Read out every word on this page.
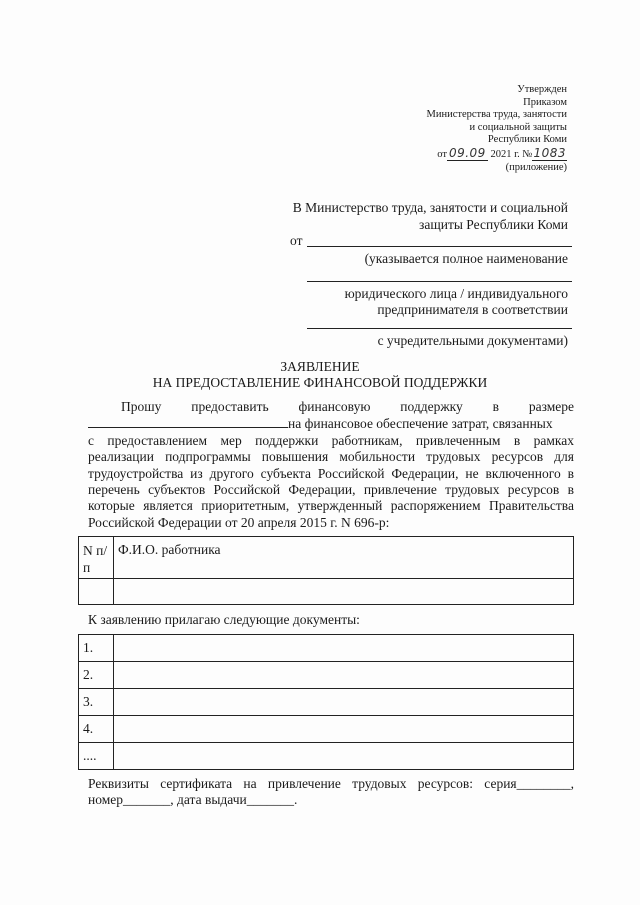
Утвержден
Приказом
Министерства труда, занятости
и социальной защиты
Республики Коми
от 09.09 2021 г. №1083
(приложение)
В Министерство труда, занятости и социальной
защиты Республики Коми
от
(указывается полное наименование
юридического лица / индивидуального
предпринимателя в соответствии
с учредительными документами)
ЗАЯВЛЕНИЕ
НА ПРЕДОСТАВЛЕНИЕ ФИНАНСОВОЙ ПОДДЕРЖКИ
Прошу предоставить финансовую поддержку в размере
на финансовое обеспечение затрат, связанных
с предоставлением мер поддержки работникам, привлеченным в рамках
реализации подпрограммы повышения мобильности трудовых ресурсов для
трудоустройства из другого субъекта Российской Федерации, не включенного в
перечень субъектов Российской Федерации, привлечение трудовых ресурсов в
которые является приоритетным, утвержденный распоряжением Правительства
Российской Федерации от 20 апреля 2015 г. N 696-р:
N п/п	Ф.И.О. работника

К заявлению прилагаю следующие документы:
1.	
2.	
3.	
4.	
....	
Реквизиты сертификата на привлечение трудовых ресурсов: серия________,
номер_______, дата выдачи_______.
